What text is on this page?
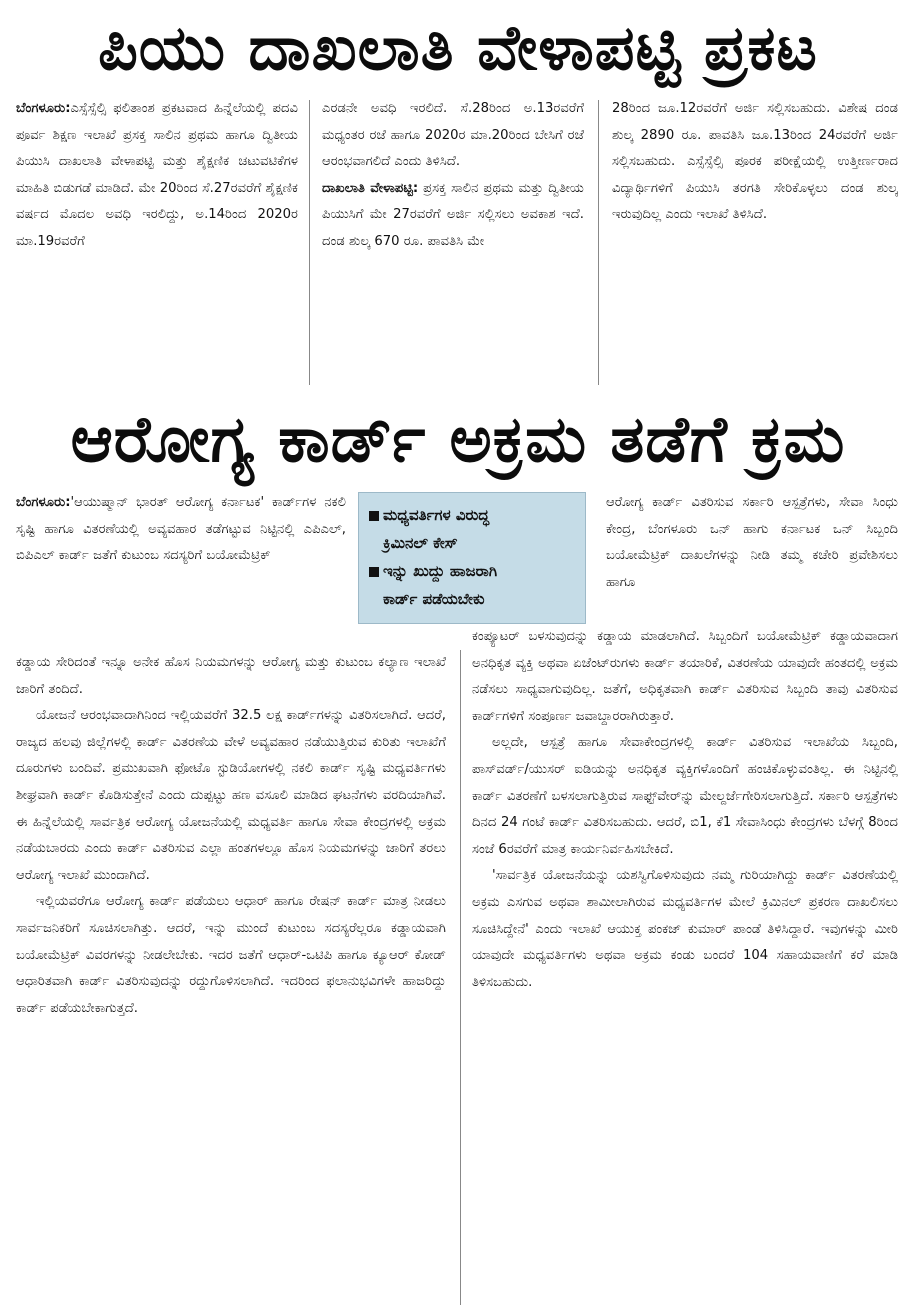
ಪಿಯು ದಾಖಲಾತಿ ವೇಳಾಪಟ್ಟಿ ಪ್ರಕಟ

ಬೆಂಗಳೂರು:ಎಸ್ಸೆಸ್ಸೆಲ್ಸಿ ಫಲಿತಾಂಶ ಪ್ರಕಟವಾದ ಹಿನ್ನೆಲೆಯಲ್ಲಿ ಪದವಿ ಪೂರ್ವ ಶಿಕ್ಷಣ ಇಲಾಖೆ ಪ್ರಸಕ್ತ ಸಾಲಿನ ಪ್ರಥಮ ಹಾಗೂ ದ್ವಿತೀಯ ಪಿಯುಸಿ ದಾಖಲಾತಿ ವೇಳಾಪಟ್ಟಿ ಮತ್ತು ಶೈಕ್ಷಣಿಕ ಚಟುವಟಿಕೆಗಳ ಮಾಹಿತಿ ಬಿಡುಗಡೆ ಮಾಡಿದೆ. ಮೇ 20ರಿಂದ ಸೆ.27ರವರೆಗೆ ಶೈಕ್ಷಣಿಕ ವರ್ಷದ ಮೊದಲ ಅವಧಿ ಇರಲಿದ್ದು, ಅ.14ರಿಂದ 2020ರ ಮಾ.19ರವರೆಗೆ

ಎರಡನೇ ಅವಧಿ ಇರಲಿದೆ. ಸೆ.28ರಿಂದ ಅ.13ರವರೆಗೆ ಮಧ್ಯಂತರ ರಜೆ ಹಾಗೂ 2020ರ ಮಾ.20ರಿಂದ ಬೇಸಿಗೆ ರಜೆ ಆರಂಭವಾಗಲಿದೆ ಎಂದು ತಿಳಿಸಿದೆ.

ದಾಖಲಾತಿ ವೇಳಾಪಟ್ಟಿ: ಪ್ರಸಕ್ತ ಸಾಲಿನ ಪ್ರಥಮ ಮತ್ತು ದ್ವಿತೀಯ ಪಿಯುಸಿಗೆ ಮೇ 27ರವರೆಗೆ ಅರ್ಜಿ ಸಲ್ಲಿಸಲು ಅವಕಾಶ ಇದೆ. ದಂಡ ಶುಲ್ಕ 670 ರೂ. ಪಾವತಿಸಿ ಮೇ

28ರಿಂದ ಜೂ.12ರವರೆಗೆ ಅರ್ಜಿ ಸಲ್ಲಿಸಬಹುದು. ವಿಶೇಷ ದಂಡ ಶುಲ್ಕ 2890 ರೂ. ಪಾವತಿಸಿ ಜೂ.13ರಿಂದ 24ರವರೆಗೆ ಅರ್ಜಿ ಸಲ್ಲಿಸಬಹುದು. ಎಸ್ಸೆಸ್ಸೆಲ್ಸಿ ಪೂರಕ ಪರೀಕ್ಷೆಯಲ್ಲಿ ಉತ್ತೀರ್ಣರಾದ ವಿದ್ಯಾರ್ಥಿಗಳಿಗೆ ಪಿಯುಸಿ ತರಗತಿ ಸೇರಿಕೊಳ್ಳಲು ದಂಡ ಶುಲ್ಕ ಇರುವುದಿಲ್ಲ ಎಂದು ಇಲಾಖೆ ತಿಳಿಸಿದೆ.

ಆರೋಗ್ಯ ಕಾರ್ಡ್ ಅಕ್ರಮ ತಡೆಗೆ ಕ್ರಮ

ಬೆಂಗಳೂರು:'ಆಯುಷ್ಮಾನ್ ಭಾರತ್ ಆರೋಗ್ಯ ಕರ್ನಾಟಕ' ಕಾರ್ಡ್‌ಗಳ ನಕಲಿ ಸೃಷ್ಟಿ ಹಾಗೂ ವಿತರಣೆಯಲ್ಲಿ ಅವ್ಯವಹಾರ ತಡೆಗಟ್ಟುವ ನಿಟ್ಟಿನಲ್ಲಿ ಎಪಿಎಲ್, ಬಿಪಿಎಲ್ ಕಾರ್ಡ್ ಜತೆಗೆ ಕುಟುಂಬ ಸದಸ್ಯರಿಗೆ ಬಯೋಮೆಟ್ರಿಕ್

ಮಧ್ಯವರ್ತಿಗಳ ವಿರುದ್ಧ
ಕ್ರಿಮಿನಲ್ ಕೇಸ್
ಇನ್ನು ಖುದ್ದು ಹಾಜರಾಗಿ
ಕಾರ್ಡ್ ಪಡೆಯಬೇಕು

ಆರೋಗ್ಯ ಕಾರ್ಡ್ ವಿತರಿಸುವ ಸರ್ಕಾರಿ ಆಸ್ಪತ್ರೆಗಳು, ಸೇವಾ ಸಿಂಧು ಕೇಂದ್ರ, ಬೆಂಗಳೂರು ಒನ್ ಹಾಗು ಕರ್ನಾಟಕ ಒನ್ ಸಿಬ್ಬಂದಿ ಬಯೋಮೆಟ್ರಿಕ್ ದಾಖಲೆಗಳನ್ನು ನೀಡಿ ತಮ್ಮ ಕಚೇರಿ ಪ್ರವೇಶಿಸಲು ಹಾಗೂ

ಕಡ್ಡಾಯ ಸೇರಿದಂತೆ ಇನ್ನೂ ಅನೇಕ ಹೊಸ ನಿಯಮಗಳನ್ನು ಆರೋಗ್ಯ ಮತ್ತು ಕುಟುಂಬ ಕಲ್ಯಾಣ ಇಲಾಖೆ ಜಾರಿಗೆ ತಂದಿದೆ.

ಯೋಜನೆ ಆರಂಭವಾದಾಗಿನಿಂದ ಇಲ್ಲಿಯವರೆಗೆ 32.5 ಲಕ್ಷ ಕಾರ್ಡ್‌ಗಳನ್ನು ವಿತರಿಸಲಾಗಿದೆ. ಆದರೆ, ರಾಜ್ಯದ ಹಲವು ಜಿಲ್ಲೆಗಳಲ್ಲಿ ಕಾರ್ಡ್ ವಿತರಣೆಯ ವೇಳೆ ಅವ್ಯವಹಾರ ನಡೆಯುತ್ತಿರುವ ಕುರಿತು ಇಲಾಖೆಗೆ ದೂರುಗಳು ಬಂದಿವೆ. ಪ್ರಮುಖವಾಗಿ ಫೋಟೊ ಸ್ಟುಡಿಯೋಗಳಲ್ಲಿ ನಕಲಿ ಕಾರ್ಡ್ ಸೃಷ್ಟಿ ಮಧ್ಯವರ್ತಿಗಳು ಶೀಘ್ರವಾಗಿ ಕಾರ್ಡ್ ಕೊಡಿಸುತ್ತೇನೆ ಎಂದು ದುಪ್ಪಟ್ಟು ಹಣ ವಸೂಲಿ ಮಾಡಿದ ಘಟನೆಗಳು ವರದಿಯಾಗಿವೆ. ಈ ಹಿನ್ನೆಲೆಯಲ್ಲಿ ಸಾರ್ವತ್ರಿಕ ಆರೋಗ್ಯ ಯೋಜನೆಯಲ್ಲಿ ಮಧ್ಯವರ್ತಿ ಹಾಗೂ ಸೇವಾ ಕೇಂದ್ರಗಳಲ್ಲಿ ಅಕ್ರಮ ನಡೆಯಬಾರದು ಎಂದು ಕಾರ್ಡ್ ವಿತರಿಸುವ ಎಲ್ಲಾ ಹಂತಗಳಲ್ಲೂ ಹೊಸ ನಿಯಮಗಳನ್ನು ಜಾರಿಗೆ ತರಲು ಆರೋಗ್ಯ ಇಲಾಖೆ ಮುಂದಾಗಿದೆ.

ಇಲ್ಲಿಯವರೆಗೂ ಆರೋಗ್ಯ ಕಾರ್ಡ್ ಪಡೆಯಲು ಆಧಾರ್ ಹಾಗೂ ರೇಷನ್ ಕಾರ್ಡ್ ಮಾತ್ರ ನೀಡಲು ಸಾರ್ವಜನಿಕರಿಗೆ ಸೂಚಿಸಲಾಗಿತ್ತು. ಆದರೆ, ಇನ್ನು ಮುಂದೆ ಕುಟುಂಬ ಸದಸ್ಯರೆಲ್ಲರೂ ಕಡ್ಡಾಯವಾಗಿ ಬಯೋಮೆಟ್ರಿಕ್ ವಿವರಗಳನ್ನು ನೀಡಲೇಬೇಕು. ಇದರ ಜತೆಗೆ ಆಧಾರ್-ಒಟಿಪಿ ಹಾಗೂ ಕ್ಯೂಆರ್ ಕೋಡ್ ಆಧಾರಿತವಾಗಿ ಕಾರ್ಡ್ ವಿತರಿಸುವುದನ್ನು ರದ್ದುಗೊಳಿಸಲಾಗಿದೆ. ಇದರಿಂದ ಫಲಾನುಭವಿಗಳೇ ಹಾಜರಿದ್ದು ಕಾರ್ಡ್ ಪಡೆಯಬೇಕಾಗುತ್ತದೆ.

ಕಂಪ್ಯೂಟರ್ ಬಳಸುವುದನ್ನು ಕಡ್ಡಾಯ ಮಾಡಲಾಗಿದೆ. ಸಿಬ್ಬಂದಿಗೆ ಬಯೋಮೆಟ್ರಿಕ್ ಕಡ್ಡಾಯವಾದಾಗ ಅನಧಿಕೃತ ವ್ಯಕ್ತಿ ಅಥವಾ ಏಜೆಂಟ್‌ರುಗಳು ಕಾರ್ಡ್ ತಯಾರಿಕೆ, ವಿತರಣೆಯ ಯಾವುದೇ ಹಂತದಲ್ಲಿ ಅಕ್ರಮ ನಡೆಸಲು ಸಾಧ್ಯವಾಗುವುದಿಲ್ಲ. ಜತೆಗೆ, ಅಧಿಕೃತವಾಗಿ ಕಾರ್ಡ್ ವಿತರಿಸುವ ಸಿಬ್ಬಂದಿ ತಾವು ವಿತರಿಸುವ ಕಾರ್ಡ್‌ಗಳಿಗೆ ಸಂಪೂರ್ಣ ಜವಾಬ್ದಾರರಾಗಿರುತ್ತಾರೆ.

ಅಲ್ಲದೇ, ಆಸ್ಪತ್ರೆ ಹಾಗೂ ಸೇವಾಕೇಂದ್ರಗಳಲ್ಲಿ ಕಾರ್ಡ್ ವಿತರಿಸುವ ಇಲಾಖೆಯ ಸಿಬ್ಬಂದಿ, ಪಾಸ್‌ವರ್ಡ್/ಯುಸರ್ ಐಡಿಯನ್ನು ಅನಧಿಕೃತ ವ್ಯಕ್ತಿಗಳೊಂದಿಗೆ ಹಂಚಿಕೊಳ್ಳುವಂತಿಲ್ಲ. ಈ ನಿಟ್ಟಿನಲ್ಲಿ ಕಾರ್ಡ್ ವಿತರಣೆಗೆ ಬಳಸಲಾಗುತ್ತಿರುವ ಸಾಫ್ಟ್‌ವೇರ್‌ನ್ನು ಮೇಲ್ದರ್ಜೆಗೇರಿಸಲಾಗುತ್ತಿದೆ. ಸರ್ಕಾರಿ ಆಸ್ಪತ್ರೆಗಳು ದಿನದ 24 ಗಂಟೆ ಕಾರ್ಡ್ ವಿತರಿಸಬಹುದು. ಆದರೆ, ಬಿ1, ಕೆ1 ಸೇವಾಸಿಂಧು ಕೇಂದ್ರಗಳು ಬೆಳಗ್ಗೆ 8ರಿಂದ ಸಂಜೆ 6ರವರೆಗೆ ಮಾತ್ರ ಕಾರ್ಯನಿರ್ವಹಿಸಬೇಕಿದೆ.

'ಸಾರ್ವತ್ರಿಕ ಯೋಜನೆಯನ್ನು ಯಶಸ್ವಿಗೊಳಿಸುವುದು ನಮ್ಮ ಗುರಿಯಾಗಿದ್ದು ಕಾರ್ಡ್ ವಿತರಣೆಯಲ್ಲಿ ಅಕ್ರಮ ಎಸಗುವ ಅಥವಾ ಶಾಮೀಲಾಗಿರುವ ಮಧ್ಯವರ್ತಿಗಳ ಮೇಲೆ ಕ್ರಿಮಿನಲ್ ಪ್ರಕರಣ ದಾಖಲಿಸಲು ಸೂಚಿಸಿದ್ದೇನೆ' ಎಂದು ಇಲಾಖೆ ಆಯುಕ್ತ ಪಂಕಜ್ ಕುಮಾರ್ ಪಾಂಡೆ ತಿಳಿಸಿದ್ದಾರೆ. ಇವುಗಳನ್ನು ಮೀರಿ ಯಾವುದೇ ಮಧ್ಯವರ್ತಿಗಳು ಅಥವಾ ಅಕ್ರಮ ಕಂಡು ಬಂದರೆ 104 ಸಹಾಯವಾಣಿಗೆ ಕರೆ ಮಾಡಿ ತಿಳಿಸಬಹುದು.
